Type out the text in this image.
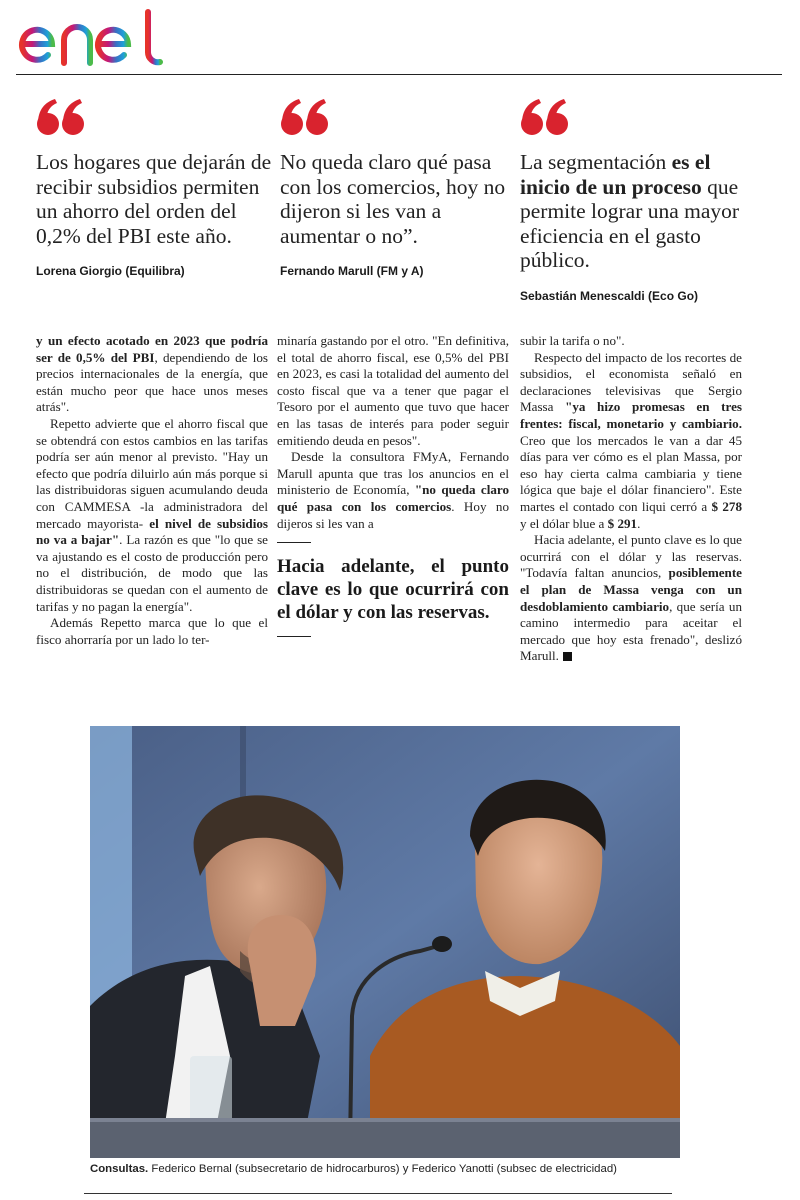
Los hogares que dejarán de recibir subsidios permiten un ahorro del orden del 0,2% del PBI este año.

Lorena Giorgio (Equilibra)

No queda claro qué pasa con los comercios, hoy no dijeron si les van a aumentar o no”.

Fernando Marull (FM y A)

La segmentación es el inicio de un proceso que permite lograr una mayor eficiencia en el gasto público.

Sebastián Menescaldi (Eco Go)

y un efecto acotado en 2023 que podría ser de 0,5% del PBI, dependiendo de los precios internacionales de la energía, que están mucho peor que hace unos meses atrás".

Repetto advierte que el ahorro fiscal que se obtendrá con estos cambios en las tarifas podría ser aún menor al previsto. "Hay un efecto que podría diluirlo aún más porque si las distribuidoras siguen acumulando deuda con CAMMESA -la administradora del mercado mayorista- el nivel de subsidios no va a bajar". La razón es que "lo que se va ajustando es el costo de producción pero no el distribución, de modo que las distribuidoras se quedan con el aumento de tarifas y no pagan la energía".

Además Repetto marca que lo que el fisco ahorraría por un lado lo ter-

minaría gastando por el otro. "En definitiva, el total de ahorro fiscal, ese 0,5% del PBI en 2023, es casi la totalidad del aumento del costo fiscal que va a tener que pagar el Tesoro por el aumento que tuvo que hacer en las tasas de interés para poder seguir emitiendo deuda en pesos".

Desde la consultora FMyA, Fernando Marull apunta que tras los anuncios en el ministerio de Economía, "no queda claro qué pasa con los comercios. Hoy no dijeros si les van a

Hacia adelante, el punto clave es lo que ocurrirá con el dólar y con las reservas.

subir la tarifa o no".

Respecto del impacto de los recortes de subsidios, el economista señaló en declaraciones televisivas que Sergio Massa "ya hizo promesas en tres frentes: fiscal, monetario y cambiario. Creo que los mercados le van a dar 45 días para ver cómo es el plan Massa, por eso hay cierta calma cambiaria y tiene lógica que baje el dólar financiero". Este martes el contado con liqui cerró a $ 278 y el dólar blue a $ 291.

Hacia adelante, el punto clave es lo que ocurrirá con el dólar y las reservas. "Todavía faltan anuncios, posiblemente el plan de Massa venga con un desdoblamiento cambiario, que sería un camino intermedio para aceitar el mercado que hoy esta frenado", deslizó Marull.

Consultas. Federico Bernal (subsecretario de hidrocarburos) y Federico Yanotti (subsec de electricidad)
